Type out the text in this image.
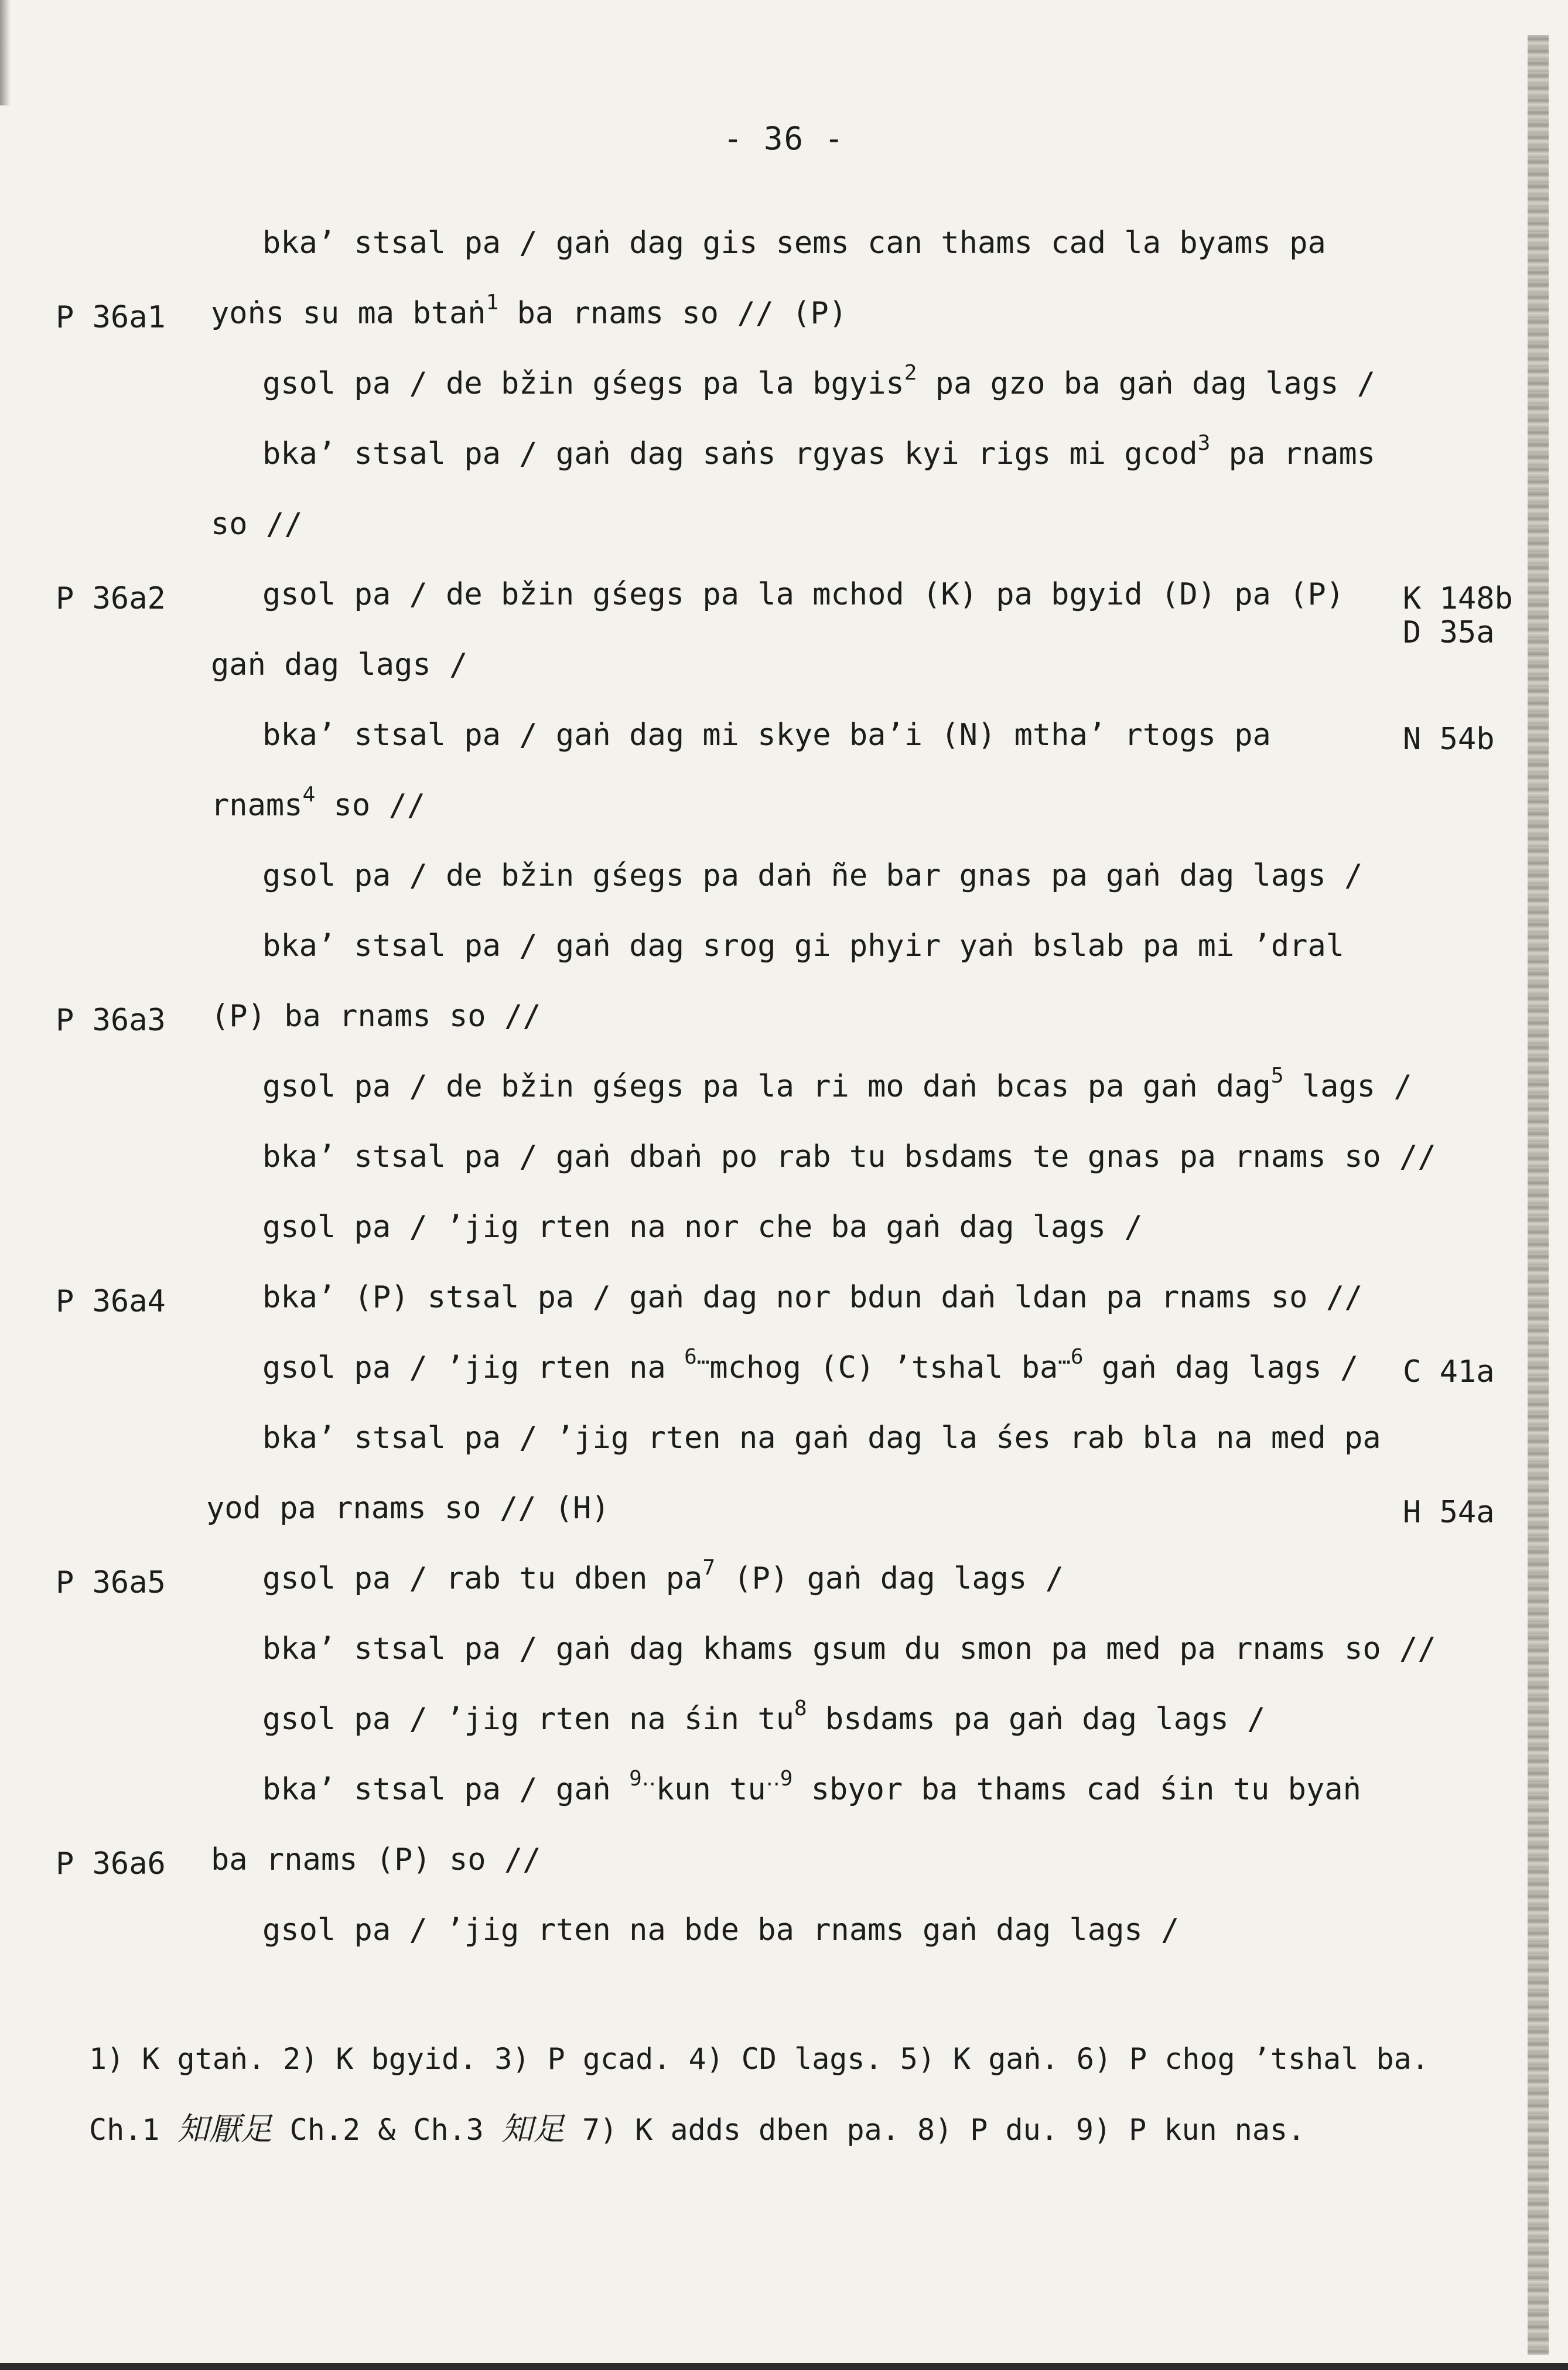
- 36 -
bkaʼ stsal pa / gaṅ dag gis sems can thams cad la byams pa
yoṅs su ma btaṅ$^1$ ba rnams so // (P)
gsol pa / de bžin gśegs pa la bgyis$^2$ pa gzo ba gaṅ dag lags /
bkaʼ stsal pa / gaṅ dag saṅs rgyas kyi rigs mi gcod$^3$ pa rnams
so //
gsol pa / de bžin gśegs pa la mchod (K) pa bgyid (D) pa (P)
gaṅ dag lags /
bkaʼ stsal pa / gaṅ dag mi skye baʼi (N) mthaʼ rtogs pa
rnams$^4$ so //
gsol pa / de bžin gśegs pa daṅ ñe bar gnas pa gaṅ dag lags /
bkaʼ stsal pa / gaṅ dag srog gi phyir yaṅ bslab pa mi ʼdral
(P) ba rnams so //
gsol pa / de bžin gśegs pa la ri mo daṅ bcas pa gaṅ dag$^5$ lags /
bkaʼ stsal pa / gaṅ dbaṅ po rab tu bsdams te gnas pa rnams so //
gsol pa / ʼjig rten na nor che ba gaṅ dag lags /
bkaʼ (P) stsal pa / gaṅ dag nor bdun daṅ ldan pa rnams so //
gsol pa / ʼjig rten na $^{6\dots}$mchog (C) ʼtshal $ba^{\dots 6}$ gaṅ dag lags /
bkaʼ stsal pa / ʼjig rten na gaṅ dag la śes rab bla na med pa
yod pa rnams so // (H)
gsol pa / rab tu dben $pa^7$ (P) gaṅ dag lags /
bkaʼ stsal pa / gaṅ dag khams gsum du smon pa med pa rnams so //
gsol pa / ʼjig rten na śin $tu^8$ bsdams pa gaṅ dag lags /
bkaʼ stsal pa / gaṅ $^{9‥}$kun $tu^{‥9}$ sbyor ba thams cad śin tu byaṅ
ba rnams (P) so //
gsol pa / ʼjig rten na bde ba rnams gaṅ dag lags /
P 36a1
P 36a2
P 36a3
P 36a4
P 36a5
P 36a6
K 148b
D 35a
N 54b
C 41a
H 54a
1) K gtaṅ. 2) K bgyid. 3) P gcad. 4) CD lags. 5) K gaṅ. 6) P chog ʼtshal ba.
Ch.1 知厭足 Ch.2 & Ch.3 知足 7) K adds dben pa. 8) P du. 9) P kun nas.
